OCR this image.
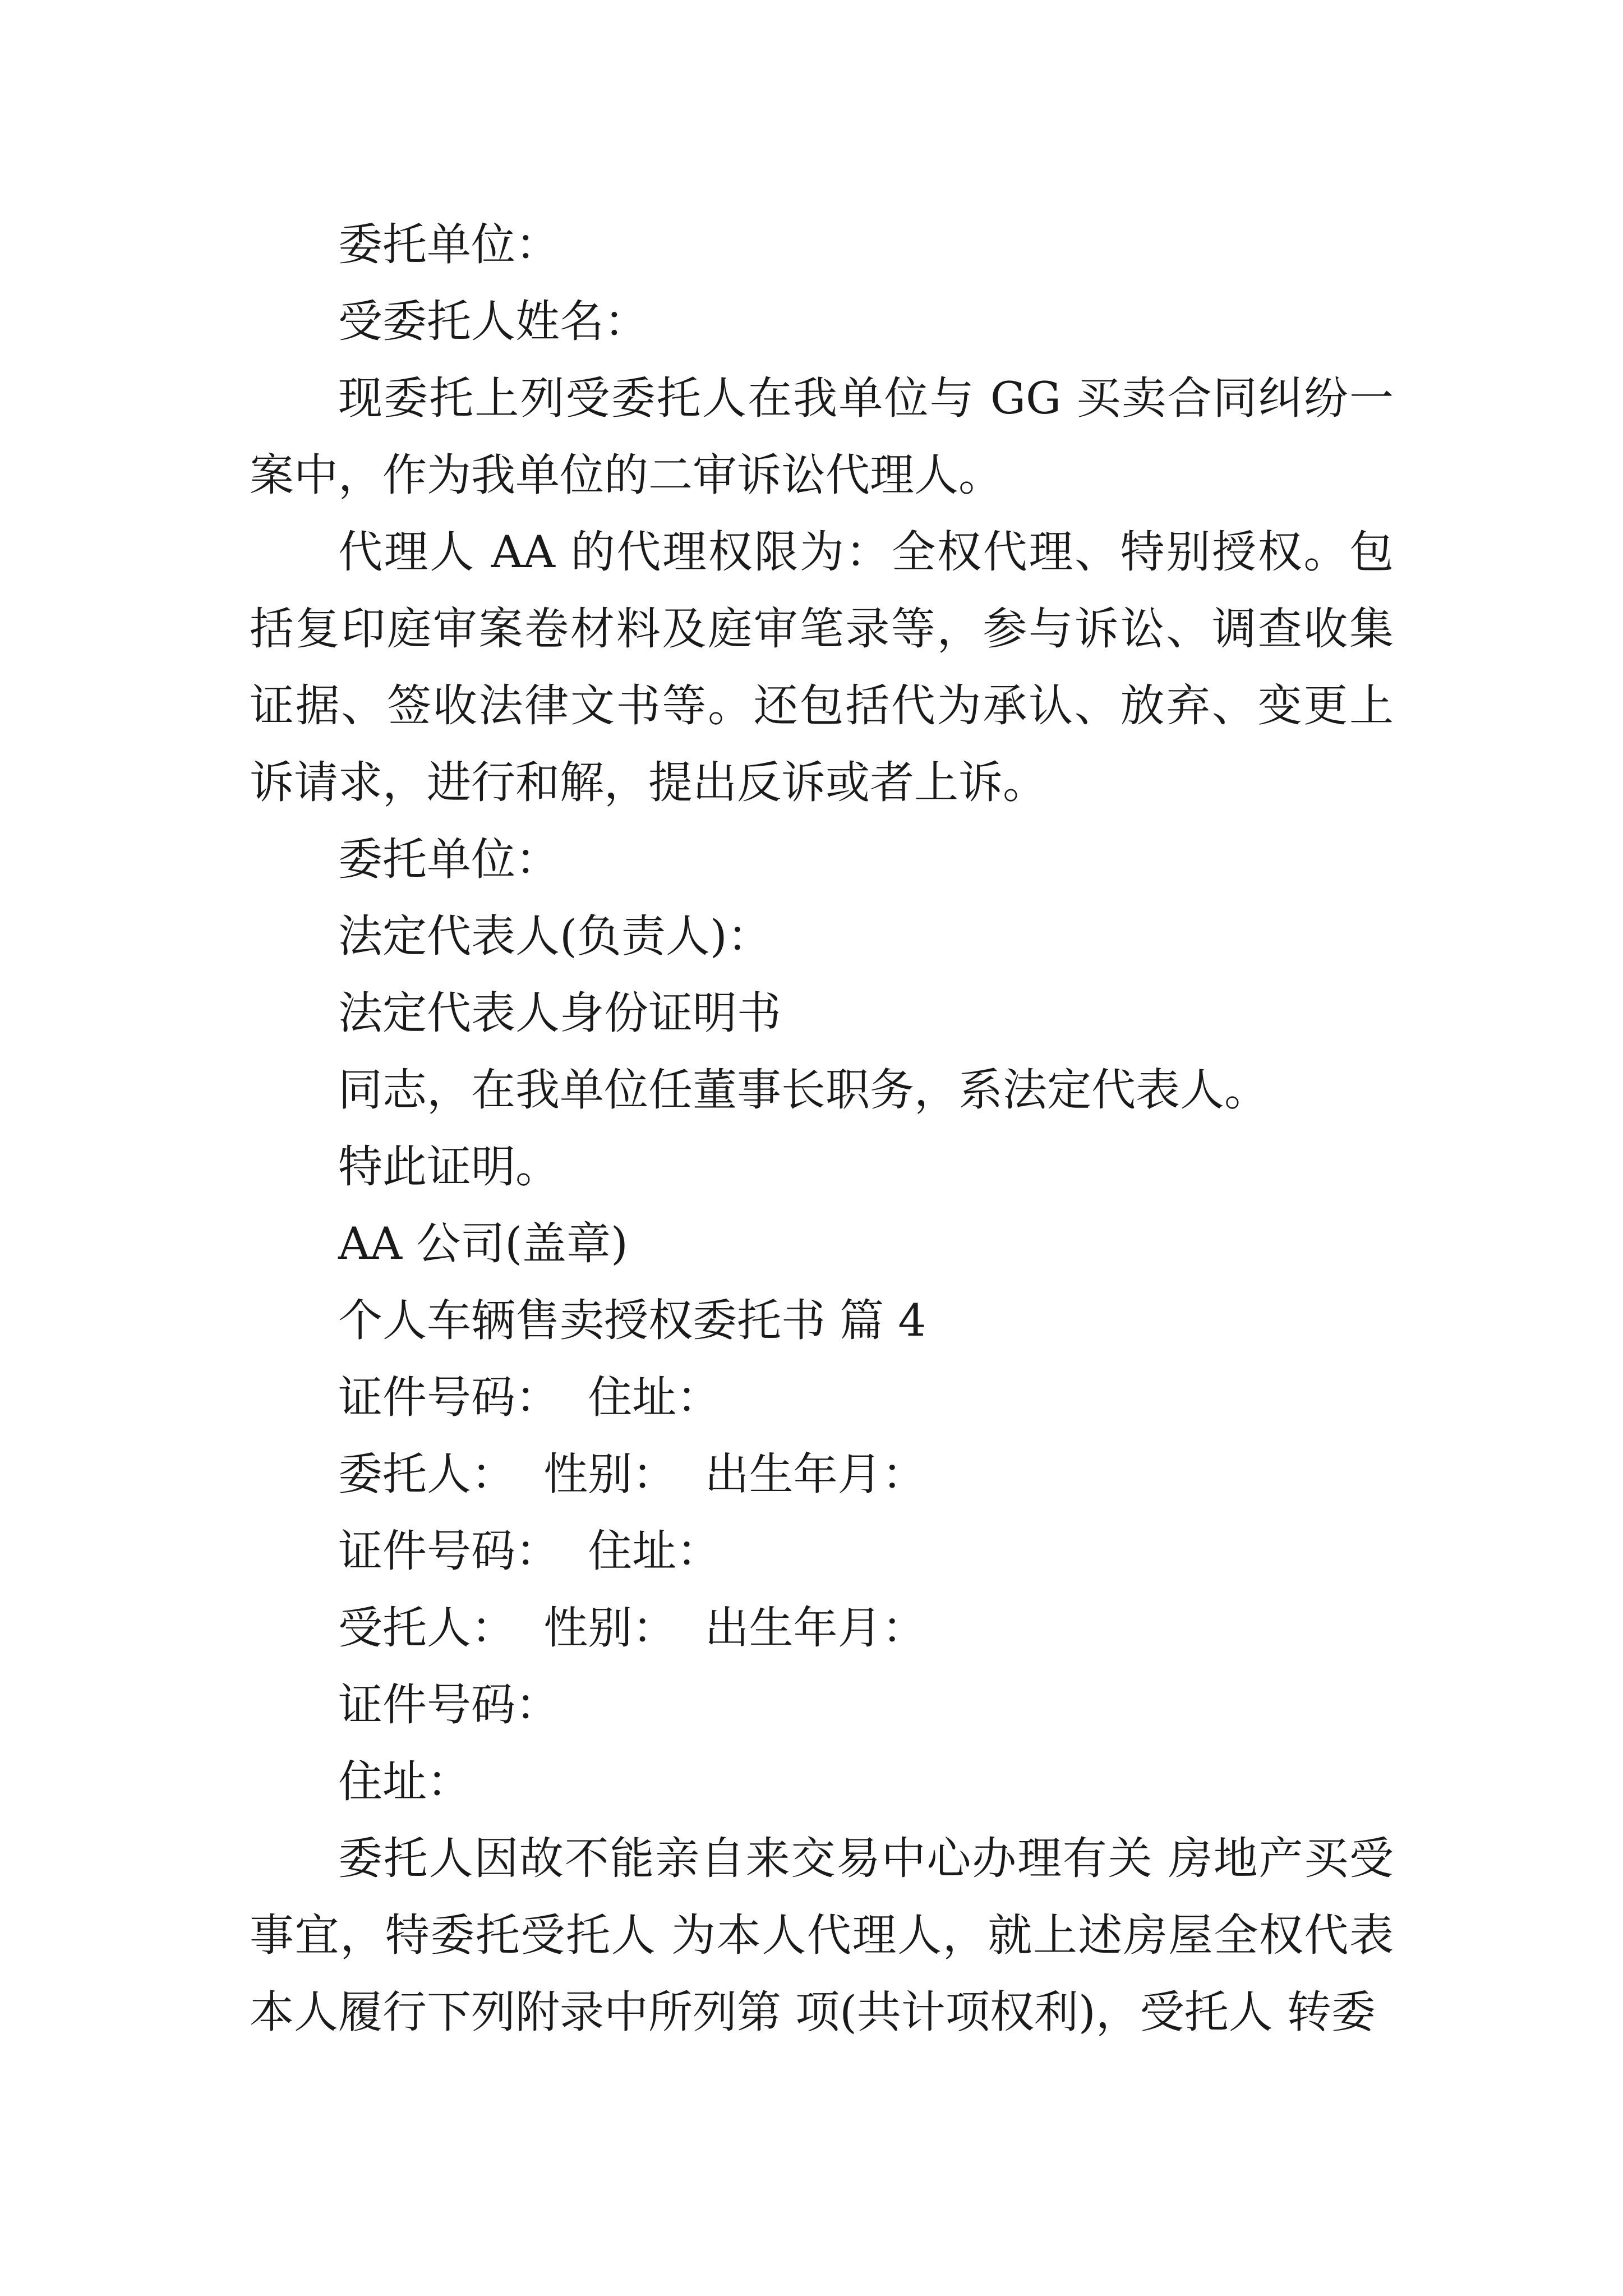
委托单位：

受委托人姓名：

现委托上列受委托人在我单位与 GG 买卖合同纠纷一案中，作为我单位的二审诉讼代理人。

代理人 AA 的代理权限为：全权代理、特别授权。包括复印庭审案卷材料及庭审笔录等，参与诉讼、调查收集证据、签收法律文书等。还包括代为承认、放弃、变更上诉请求，进行和解，提出反诉或者上诉。

委托单位：

法定代表人(负责人)：

法定代表人身份证明书

同志，在我单位任董事长职务，系法定代表人。

特此证明。

AA 公司(盖章)

个人车辆售卖授权委托书 篇 4

证件号码：  住址：

委托人：  性别：  出生年月：

证件号码：  住址：

受托人：  性别：  出生年月：

证件号码：

住址：

委托人因故不能亲自来交易中心办理有关 房地产买受事宜，特委托受托人 为本人代理人，就上述房屋全权代表本人履行下列附录中所列第 项(共计项权利)，受托人 转委
